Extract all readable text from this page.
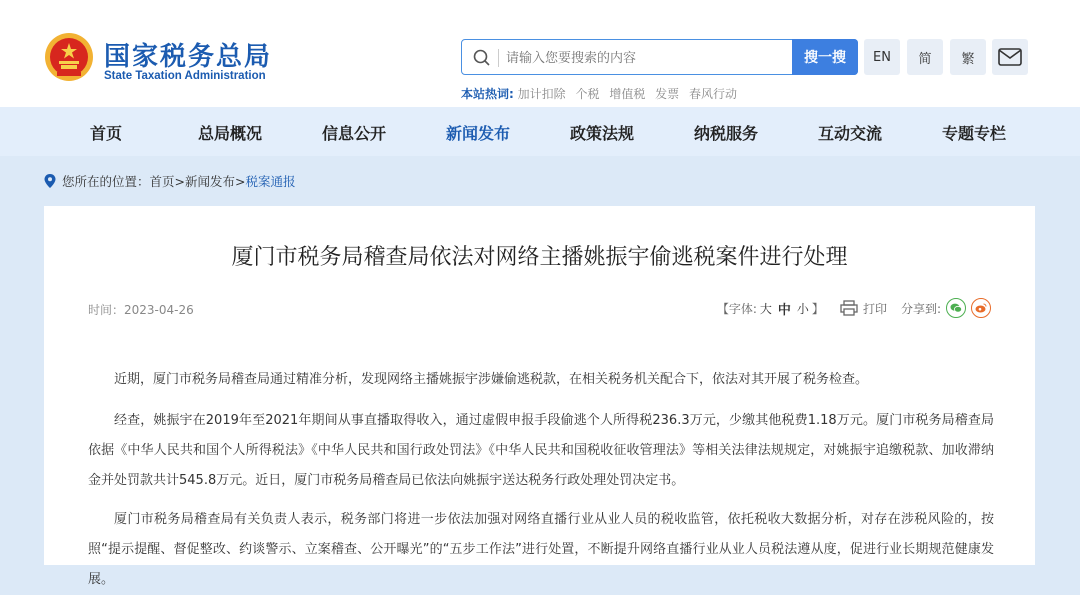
国家税务总局
State Taxation Administration
请输入您要搜索的内容
搜一搜
本站热词: 加计扣除 个税 增值税 发票 春风行动
EN	简	繁
首页	总局概况	信息公开	新闻发布	政策法规	纳税服务	互动交流	专题专栏
您所在的位置： 首页>新闻发布> 税案通报
厦门市税务局稽查局依法对网络主播姚振宇偷逃税案件进行处理
时间：2023-04-26	【字体: 大 中 小 】	打印 分享到:

近期，厦门市税务局稽查局通过精准分析，发现网络主播姚振宇涉嫌偷逃税款，在相关税务机关配合下，依法对其开展了税务检查。

经查，姚振宇在2019年至2021年期间从事直播取得收入，通过虚假申报手段偷逃个人所得税236.3万元，少缴其他税费1.18万元。厦门市税务局稽查局依据《中华人民共和国个人所得税法》《中华人民共和国行政处罚法》《中华人民共和国税收征收管理法》等相关法律法规规定，对姚振宇追缴税款、加收滞纳金并处罚款共计545.8万元。近日，厦门市税务局稽查局已依法向姚振宇送达税务行政处理处罚决定书。

厦门市税务局稽查局有关负责人表示，税务部门将进一步依法加强对网络直播行业从业人员的税收监管，依托税收大数据分析，对存在涉税风险的，按照“提示提醒、督促整改、约谈警示、立案稽查、公开曝光”的“五步工作法”进行处置，不断提升网络直播行业从业人员税法遵从度，促进行业长期规范健康发展。
